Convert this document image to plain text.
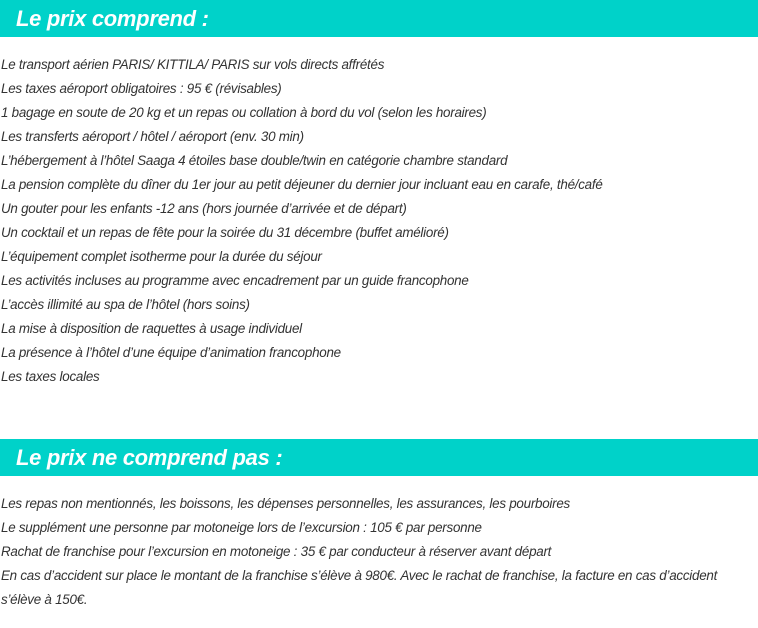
Le prix comprend :
Le transport aérien PARIS/ KITTILA/ PARIS sur vols directs affrétés
Les taxes aéroport obligatoires : 95 € (révisables)
1 bagage en soute de 20 kg et un repas ou collation à bord du vol (selon les horaires)
Les transferts aéroport / hôtel / aéroport (env. 30 min)
L’hébergement à l’hôtel Saaga 4 étoiles base double/twin en catégorie chambre standard
La pension complète du dîner du 1er jour au petit déjeuner du dernier jour incluant eau en carafe, thé/café
Un gouter pour les enfants -12 ans (hors journée d’arrivée et de départ)
Un cocktail et un repas de fête pour la soirée du 31 décembre (buffet amélioré)
L’équipement complet isotherme pour la durée du séjour
Les activités incluses au programme avec encadrement par un guide francophone
L’accès illimité au spa de l’hôtel (hors soins)
La mise à disposition de raquettes à usage individuel
La présence à l’hôtel d’une équipe d’animation francophone
Les taxes locales
Le prix ne comprend pas :
Les repas non mentionnés, les boissons, les dépenses personnelles, les assurances, les pourboires
Le supplément une personne par motoneige lors de l’excursion : 105 € par personne
Rachat de franchise pour l’excursion en motoneige : 35 € par conducteur à réserver avant départ
En cas d’accident sur place le montant de la franchise s’élève à 980€. Avec le rachat de franchise, la facture en cas d’accident s’élève à 150€.
